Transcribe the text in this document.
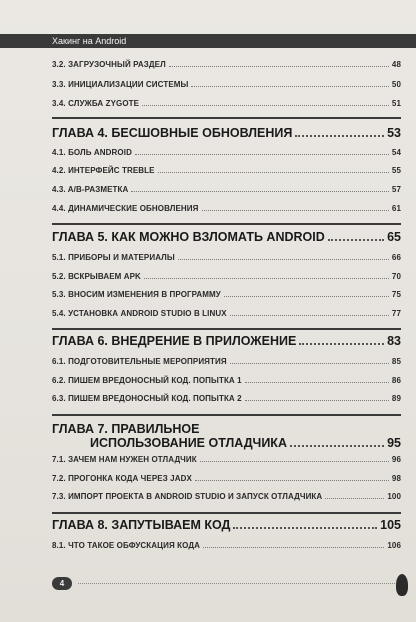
Хакинг на Android
3.2. ЗАГРУЗОЧНЫЙ РАЗДЕЛ	48
3.3. ИНИЦИАЛИЗАЦИИ СИСТЕМЫ	50
3.4. СЛУЖБА ZYGOTE	51
ГЛАВА 4. БЕСШОВНЫЕ ОБНОВЛЕНИЯ	53
4.1. БОЛЬ ANDROID	54
4.2. ИНТЕРФЕЙС TREBLE	55
4.3. A/B-РАЗМЕТКА	57
4.4. ДИНАМИЧЕСКИЕ ОБНОВЛЕНИЯ	61
ГЛАВА 5. КАК МОЖНО ВЗЛОМАТЬ ANDROID	65
5.1. ПРИБОРЫ И МАТЕРИАЛЫ	66
5.2. ВСКРЫВАЕМ APK	70
5.3. ВНОСИМ ИЗМЕНЕНИЯ В ПРОГРАММУ	75
5.4. УСТАНОВКА ANDROID STUDIO В LINUX	77
ГЛАВА 6. ВНЕДРЕНИЕ В ПРИЛОЖЕНИЕ	83
6.1. ПОДГОТОВИТЕЛЬНЫЕ МЕРОПРИЯТИЯ	85
6.2. ПИШЕМ ВРЕДОНОСНЫЙ КОД. ПОПЫТКА 1	86
6.3. ПИШЕМ ВРЕДОНОСНЫЙ КОД. ПОПЫТКА 2	89
ГЛАВА 7. ПРАВИЛЬНОЕ
ИСПОЛЬЗОВАНИЕ ОТЛАДЧИКА	95
7.1. ЗАЧЕМ НАМ НУЖЕН ОТЛАДЧИК	96
7.2. ПРОГОНКА КОДА ЧЕРЕЗ JADX	98
7.3. ИМПОРТ ПРОЕКТА В ANDROID STUDIO И ЗАПУСК ОТЛАДЧИКА	100
ГЛАВА 8. ЗАПУТЫВАЕМ КОД	105
8.1. ЧТО ТАКОЕ ОБФУСКАЦИЯ КОДА	106
4
